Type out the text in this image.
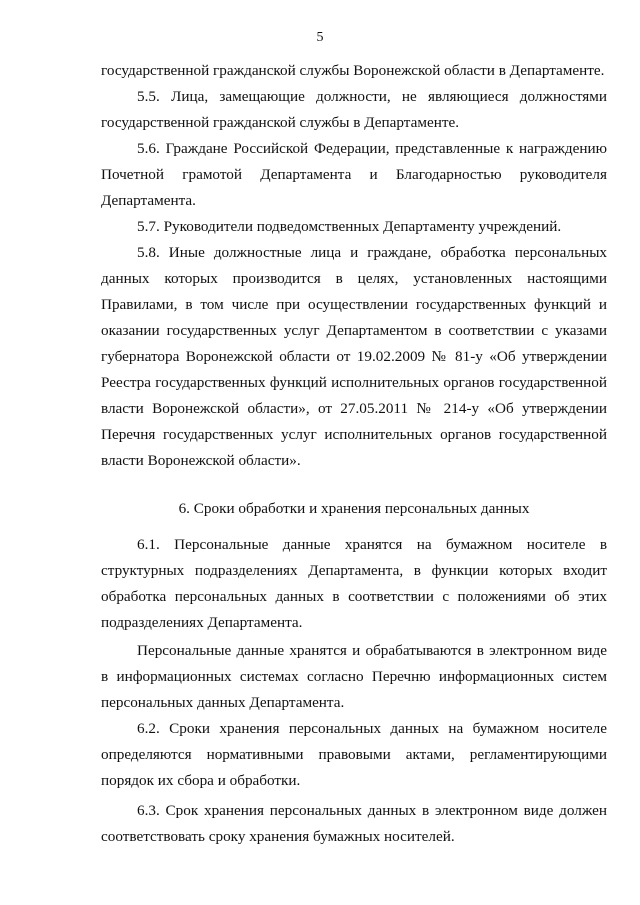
5
государственной гражданской службы Воронежской области в Департаменте.
5.5. Лица, замещающие должности, не являющиеся должностями государственной гражданской службы в Департаменте.
5.6. Граждане Российской Федерации, представленные к награждению Почетной грамотой Департамента и Благодарностью руководителя Департамента.
5.7. Руководители подведомственных Департаменту учреждений.
5.8. Иные должностные лица и граждане, обработка персональных данных которых производится в целях, установленных настоящими Правилами, в том числе при осуществлении государственных функций и оказании государственных услуг Департаментом в соответствии с указами губернатора Воронежской области от 19.02.2009 № 81-у «Об утверждении Реестра государственных функций исполнительных органов государственной власти Воронежской области», от 27.05.2011 № 214-у «Об утверждении Перечня государственных услуг исполнительных органов государственной власти Воронежской области».
6. Сроки обработки и хранения персональных данных
6.1. Персональные данные хранятся на бумажном носителе в структурных подразделениях Департамента, в функции которых входит обработка персональных данных в соответствии с положениями об этих подразделениях Департамента.
Персональные данные хранятся и обрабатываются в электронном виде в информационных системах согласно Перечню информационных систем персональных данных Департамента.
6.2. Сроки хранения персональных данных на бумажном носителе определяются нормативными правовыми актами, регламентирующими порядок их сбора и обработки.
6.3. Срок хранения персональных данных в электронном виде должен соответствовать сроку хранения бумажных носителей.
